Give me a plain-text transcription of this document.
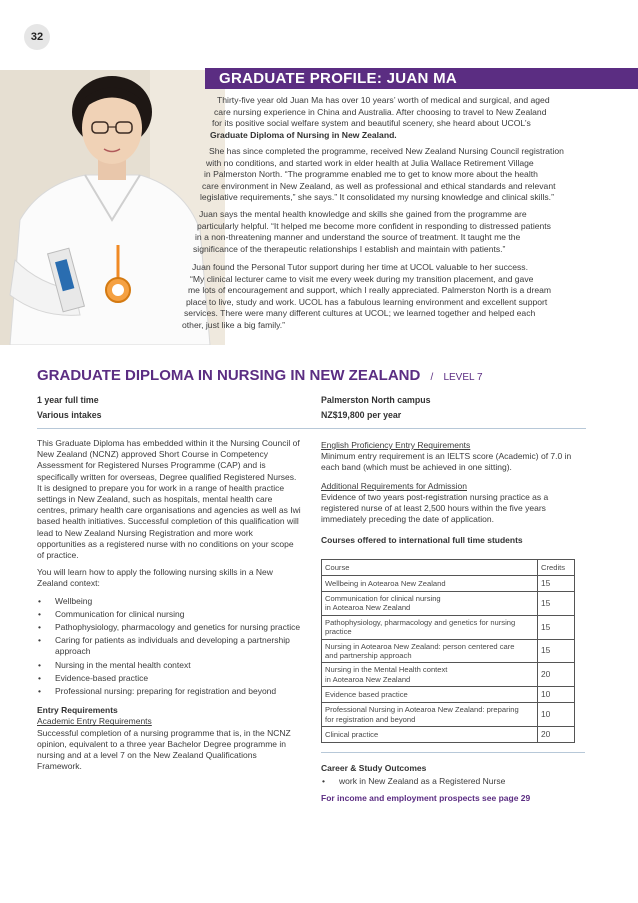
32
GRADUATE PROFILE: JUAN MA

Thirty-five year old Juan Ma has over 10 years’ worth of medical and surgical, and aged

care nursing experience in China and Australia. After choosing to travel to New Zealand

for its positive social welfare system and beautiful scenery, she heard about UCOL’s

Graduate Diploma of Nursing in New Zealand.

She has since completed the programme, received New Zealand Nursing Council registration

with no conditions, and started work in elder health at Julia Wallace Retirement Village

in Palmerston North. “The programme enabled me to get to know more about the health

care environment in New Zealand, as well as professional and ethical standards and relevant

legislative requirements,” she says.” It consolidated my nursing knowledge and clinical skills.”

Juan says the mental health knowledge and skills she gained from the programme are

particularly helpful. “It helped me become more confident in responding to distressed patients

in a non-threatening manner and understand the source of treatment. It taught me the

significance of the therapeutic relationships I establish and maintain with patients.”

Juan found the Personal Tutor support during her time at UCOL valuable to her success.

“My clinical lecturer came to visit me every week during my transition placement, and gave

me lots of encouragement and support, which I really appreciated. Palmerston North is a dream

place to live, study and work. UCOL has a fabulous learning environment and excellent support

services. There were many different cultures at UCOL; we learned together and helped each

other, just like a big family.”

GRADUATE DIPLOMA IN NURSING IN NEW ZEALAND / LEVEL 7
1 year full time
Various intakes
Palmerston North campus
NZ$19,800 per year

This Graduate Diploma has embedded within it the Nursing Council of New Zealand (NCNZ) approved Short Course in Competency Assessment for Registered Nurses Programme (CAP) and is specifically written for overseas, Degree qualified Registered Nurses. It is designed to prepare you for work in a range of health practice settings in New Zealand, such as hospitals, mental health care centres, primary health care organisations and agencies as well as Iwi based health initiatives. Successful completion of this qualification will lead to New Zealand Nursing Registration and more work opportunities as a registered nurse with no conditions on your scope of practice.

You will learn how to apply the following nursing skills in a New Zealand context:

• Wellbeing
• Communication for clinical nursing
• Pathophysiology, pharmacology and genetics for nursing practice
• Caring for patients as individuals and developing a partnership approach
• Nursing in the mental health context
• Evidence-based practice
• Professional nursing: preparing for registration and beyond
Entry Requirements
Academic Entry Requirements
Successful completion of a nursing programme that is, in the NCNZ opinion, equivalent to a three year Bachelor Degree programme in nursing and at a level 7 on the New Zealand Qualifications Framework.
English Proficiency Entry Requirements

Minimum entry requirement is an IELTS score (Academic) of 7.0 in each band (which must be achieved in one sitting).

Additional Requirements for Admission

Evidence of two years post-registration nursing practice as a registered nurse of at least 2,500 hours within the five years immediately preceding the date of application.

Courses offered to international full time students
Course	Credits
Wellbeing in Aotearoa New Zealand	15

Communication for clinical nursing
in Aotearoa New Zealand	15

Pathophysiology, pharmacology and genetics for nursing
practice	15

Nursing in Aotearoa New Zealand: person centered care
and partnership approach	15

Nursing in the Mental Health context
in Aotearoa New Zealand	20
Evidence based practice	10

Professional Nursing in Aotearoa New Zealand: preparing
for registration and beyond	10
Clinical practice	20
Career & Study Outcomes
• work in New Zealand as a Registered Nurse
For income and employment prospects see page 29
